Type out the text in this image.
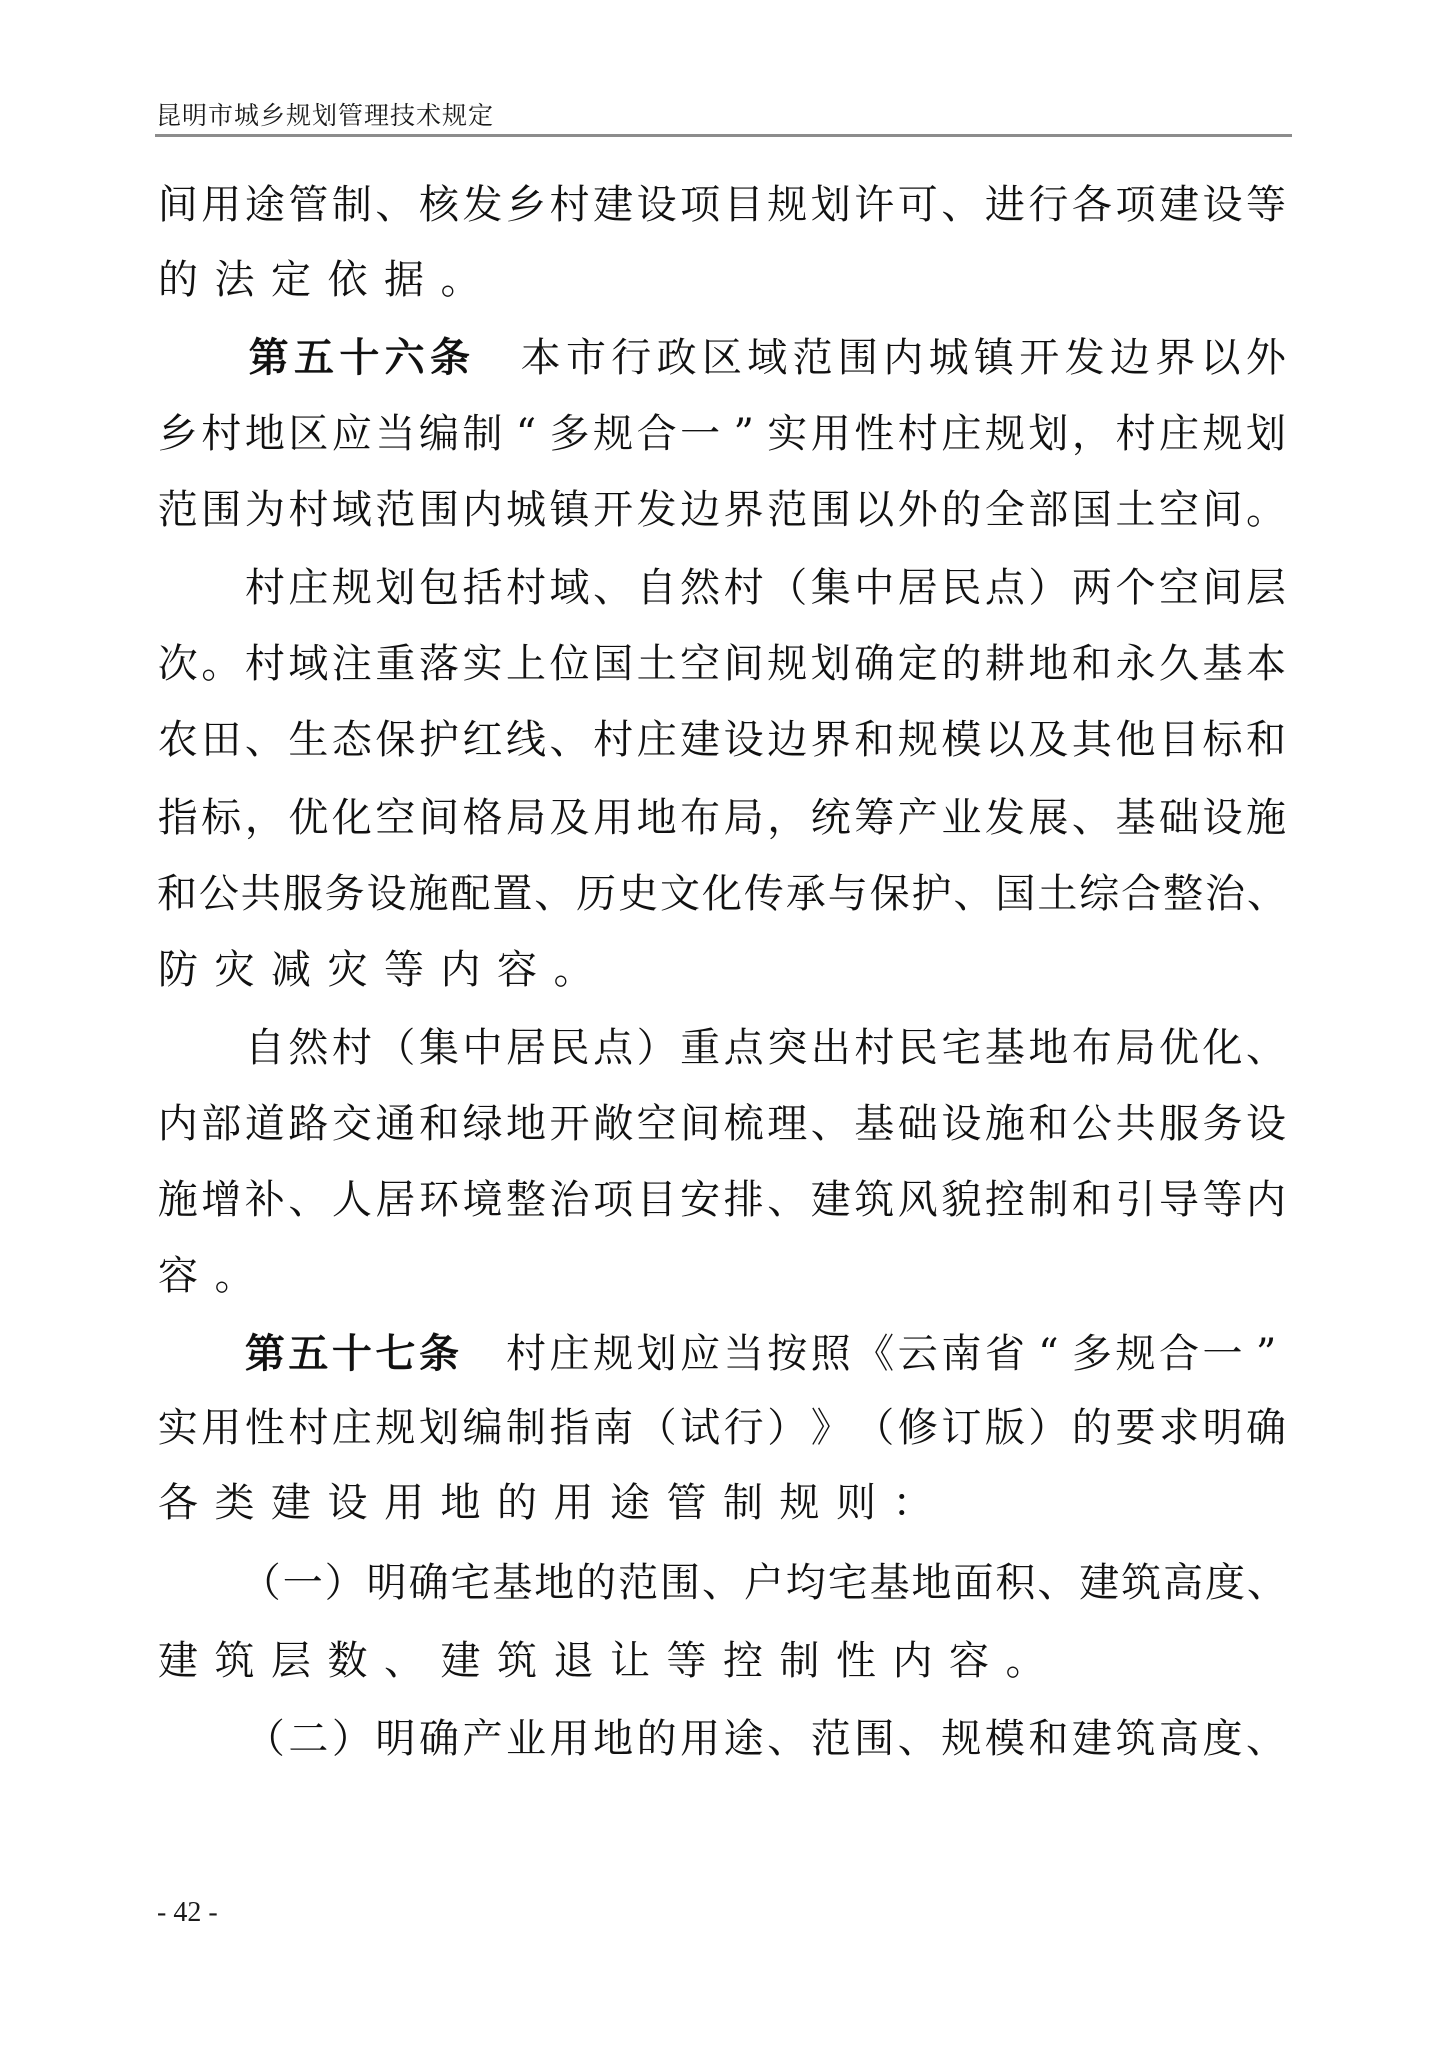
昆明市城乡规划管理技术规定
间 用 途 管 制 、 核 发 乡 村 建 设 项 目 规 划 许 可 、 进 行 各 项 建 设 等
的 法 定 依 据 。

第 五 十 六 条
　 本 市 行 政 区 域 范 围 内 城 镇 开 发 边 界 以 外
乡 村 地 区 应 当 编 制 “ 多 规 合 一 ” 实 用 性 村 庄 规 划 ， 村 庄 规 划
范 围 为 村 域 范 围 内 城 镇 开 发 边 界 范 围 以 外 的 全 部 国 土 空 间 。

村 庄 规 划 包 括 村 域 、 自 然 村 （ 集 中 居 民 点 ） 两 个 空 间 层
次 。 村 域 注 重 落 实 上 位 国 土 空 间 规 划 确 定 的 耕 地 和 永 久 基 本
农 田 、 生 态 保 护 红 线 、 村 庄 建 设 边 界 和 规 模 以 及 其 他 目 标 和
指 标 ， 优 化 空 间 格 局 及 用 地 布 局 ， 统 筹 产 业 发 展 、 基 础 设 施
和 公 共 服 务 设 施 配 置 、 历 史 文 化 传 承 与 保 护 、 国 土 综 合 整 治 、
防 灾 减 灾 等 内 容 。

自 然 村 （ 集 中 居 民 点 ） 重 点 突 出 村 民 宅 基 地 布 局 优 化 、
内 部 道 路 交 通 和 绿 地 开 敞 空 间 梳 理 、 基 础 设 施 和 公 共 服 务 设
施 增 补 、 人 居 环 境 整 治 项 目 安 排 、 建 筑 风 貌 控 制 和 引 导 等 内
容 。

第 五 十 七 条
　 村 庄 规 划 应 当 按 照 《 云 南 省 “ 多 规 合 一 ”
实 用 性 村 庄 规 划 编 制 指 南 （ 试 行 ） 》 （ 修 订 版 ） 的 要 求 明 确
各 类 建 设 用 地 的 用 途 管 制 规 则 ：

（ 一 ） 明 确 宅 基 地 的 范 围 、 户 均 宅 基 地 面 积 、 建 筑 高 度 、
建 筑 层 数 、 建 筑 退 让 等 控 制 性 内 容 。

（ 二 ） 明 确 产 业 用 地 的 用 途 、 范 围 、 规 模 和 建 筑 高 度 、
- 42 -
